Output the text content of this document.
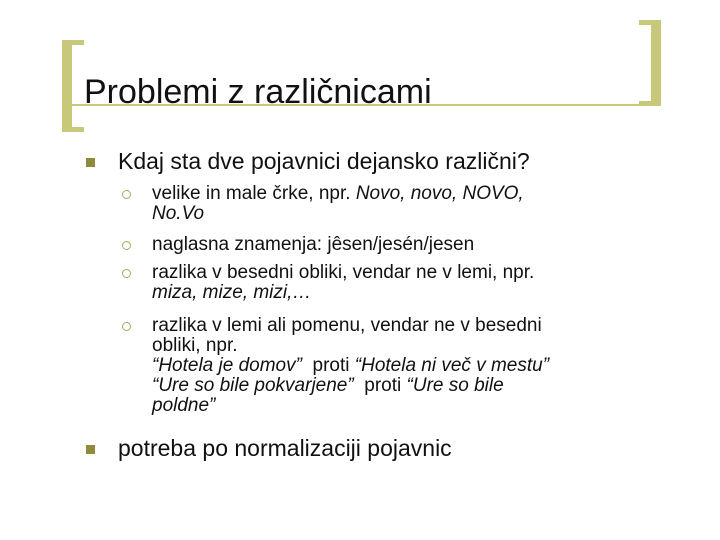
Problemi z različnicami
Kdaj sta dve pojavnici dejansko različni?
velike in male črke, npr. Novo, novo, NOVO,
No.Vo
naglasna znamenja: jêsen/jesén/jesen
razlika v besedni obliki, vendar ne v lemi, npr.
miza, mize, mizi,…
razlika v lemi ali pomenu, vendar ne v besedni
obliki, npr.
“Hotela je domov”  proti “Hotela ni več v mestu”
“Ure so bile pokvarjene”  proti “Ure so bile
poldne”
potreba po normalizaciji pojavnic
